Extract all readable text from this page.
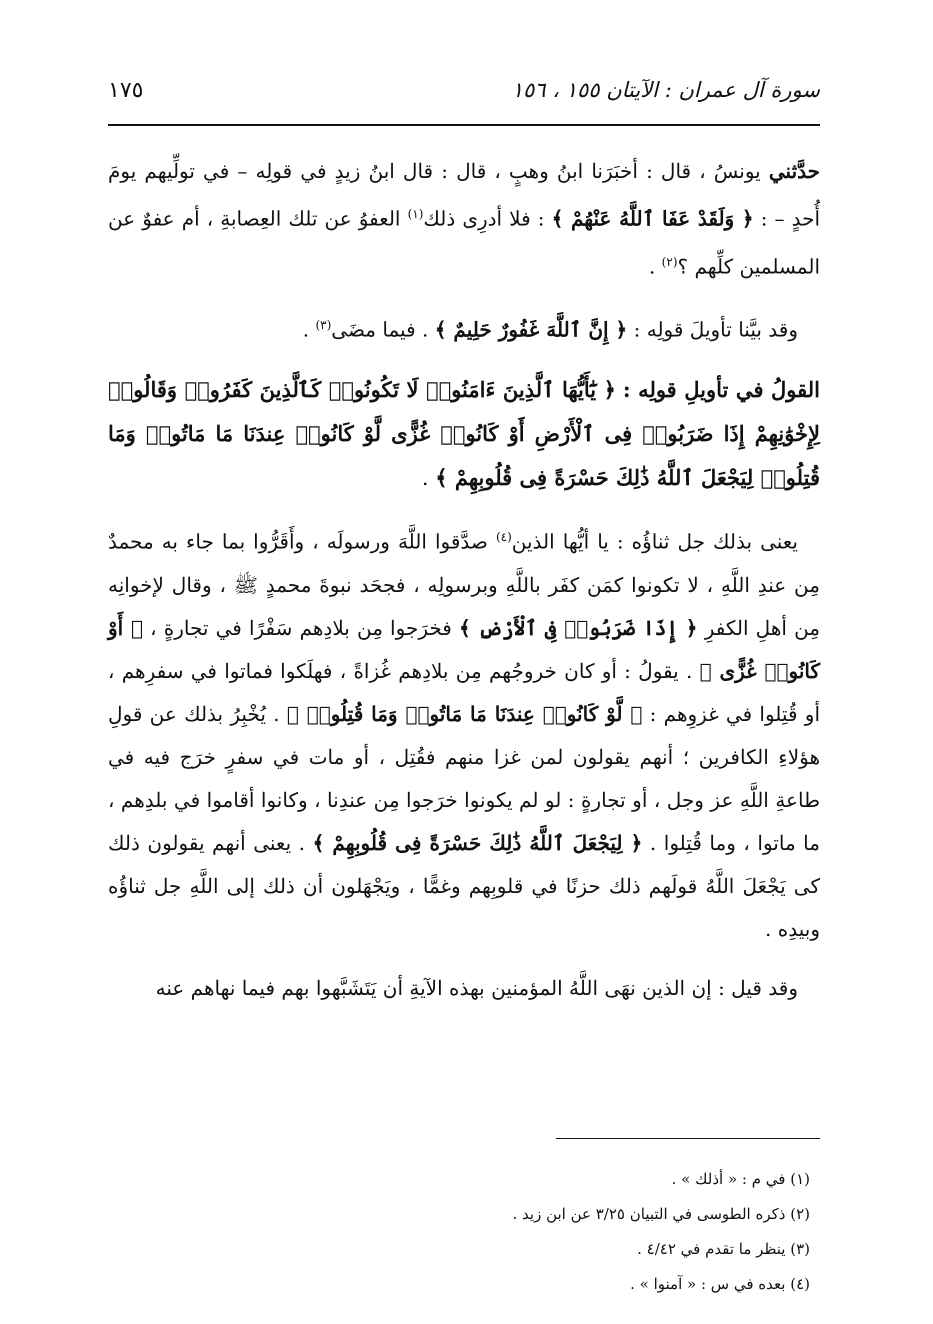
١٧٥	سورة آل عمران : الآيتان ١٥٥ ، ١٥٦

حدَّثني يونسُ ، قال : أخبَرَنا ابنُ وهبٍ ، قال : قال ابنُ زيدٍ في قولِه – في تولِّيهم يومَ أُحدٍ – : ﴿ وَلَقَدْ عَفَا ٱللَّهُ عَنْهُمْ ﴾ : فلا أدرِى ذلك$^{(١)}$ العفوُ عن تلك العِصابةِ ، أم عفوٌ عن المسلمين كلِّهم ؟$^{(٢)}$ .

وقد بيَّنا تأويلَ قولِه : ﴿ إِنَّ ٱللَّهَ غَفُورٌ حَلِيمٌ ﴾ . فيما مضَى$^{(٣)}$ .

القولُ في تأويلِ قولِه : ﴿ يَٰٓأَيُّهَا ٱلَّذِينَ ءَامَنُوا۟ لَا تَكُونُوا۟ كَٱلَّذِينَ كَفَرُوا۟ وَقَالُوا۟ لِإِخْوَٰنِهِمْ إِذَا ضَرَبُوا۟ فِى ٱلْأَرْضِ أَوْ كَانُوا۟ غُزًّى لَّوْ كَانُوا۟ عِندَنَا مَا مَاتُوا۟ وَمَا قُتِلُوا۟ لِيَجْعَلَ ٱللَّهُ ذَٰلِكَ حَسْرَةً فِى قُلُوبِهِمْ ﴾ .

يعنى بذلك جل ثناؤُه : يا أيُّها الذين$^{(٤)}$ صدَّقوا اللَّهَ ورسولَه ، وأَقَرُّوا بما جاء به محمدٌ مِن عندِ اللَّهِ ، لا تكونوا كمَن كفَر باللَّهِ وبرسولِه ، فجحَد نبوةَ محمدٍ ﷺ ، وقال لإخوانِه مِن أهلِ الكفرِ ﴿ إِذَا ضَرَبُوا۟ فِى ٱلْأَرْضِ ﴾ فخرَجوا مِن بلادِهم سَفْرًا في تجارةٍ ، ﴿ أَوْ كَانُوا۟ غُزًّى ﴾ . يقولُ : أو كان خروجُهم مِن بلادِهم غُزاةً ، فهلَكوا فماتوا في سفرِهم ، أو قُتِلوا في غزوِهم : ﴿ لَّوْ كَانُوا۟ عِندَنَا مَا مَاتُوا۟ وَمَا قُتِلُوا۟ ﴾ . يُخْبِرُ بذلك عن قولِ هؤلاءِ الكافرين ؛ أنهم يقولون لمن غزا منهم فقُتِل ، أو مات في سفرٍ خرَج فيه في طاعةِ اللَّهِ عز وجل ، أو تجارةٍ : لو لم يكونوا خرَجوا مِن عندِنا ، وكانوا أقاموا في بلدِهم ، ما ماتوا ، وما قُتِلوا . ﴿ لِيَجْعَلَ ٱللَّهُ ذَٰلِكَ حَسْرَةً فِى قُلُوبِهِمْ ﴾ . يعنى أنهم يقولون ذلك كى يَجْعَلَ اللَّهُ قولَهم ذلك حزنًا في قلوبِهم وغمًّا ، ويَجْهَلون أن ذلك إلى اللَّهِ جل ثناؤُه وبيدِه .

وقد قيل : إن الذين نهَى اللَّهُ المؤمنين بهذه الآيةِ أن يَتَشَبَّهوا بهم فيما نهاهم عنه

(١) في م : « أذلك » .
(٢) ذكره الطوسى في التبيان ٣/٢٥ عن ابن زيد .
(٣) ينظر ما تقدم في ٤/٤٢ .
(٤) بعده في س : « آمنوا » .
